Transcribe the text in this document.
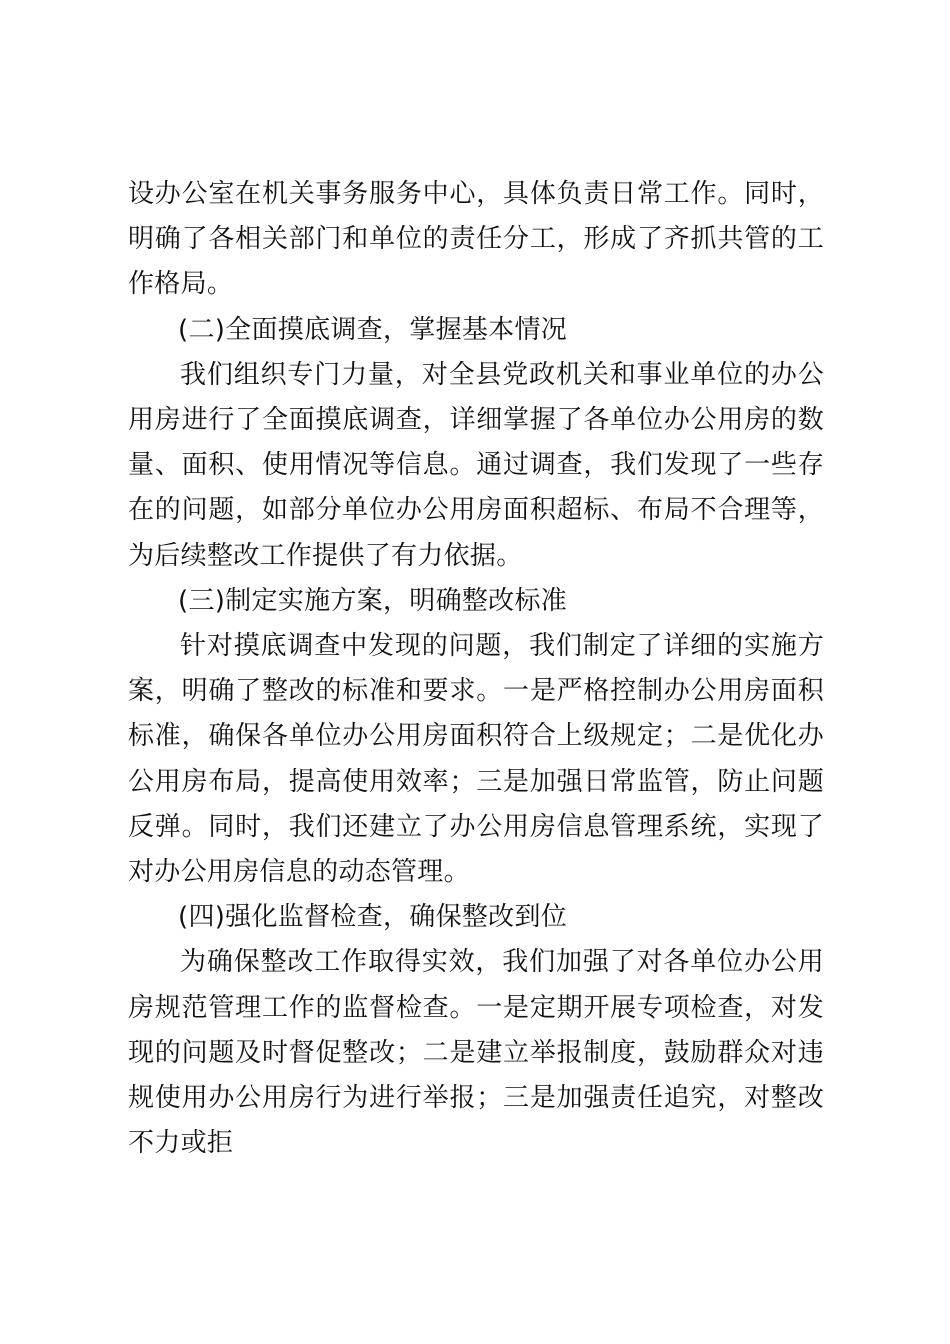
设办公室在机关事务服务中心，具体负责日常工作。同时，明确了各相关部门和单位的责任分工，形成了齐抓共管的工作格局。

(二)全面摸底调查，掌握基本情况

我们组织专门力量，对全县党政机关和事业单位的办公用房进行了全面摸底调查，详细掌握了各单位办公用房的数量、面积、使用情况等信息。通过调查，我们发现了一些存在的问题，如部分单位办公用房面积超标、布局不合理等，为后续整改工作提供了有力依据。

(三)制定实施方案，明确整改标准

针对摸底调查中发现的问题，我们制定了详细的实施方案，明确了整改的标准和要求。一是严格控制办公用房面积标准，确保各单位办公用房面积符合上级规定；二是优化办公用房布局，提高使用效率；三是加强日常监管，防止问题反弹。同时，我们还建立了办公用房信息管理系统，实现了对办公用房信息的动态管理。

(四)强化监督检查，确保整改到位

为确保整改工作取得实效，我们加强了对各单位办公用房规范管理工作的监督检查。一是定期开展专项检查，对发现的问题及时督促整改；二是建立举报制度，鼓励群众对违规使用办公用房行为进行举报；三是加强责任追究，对整改不力或拒
